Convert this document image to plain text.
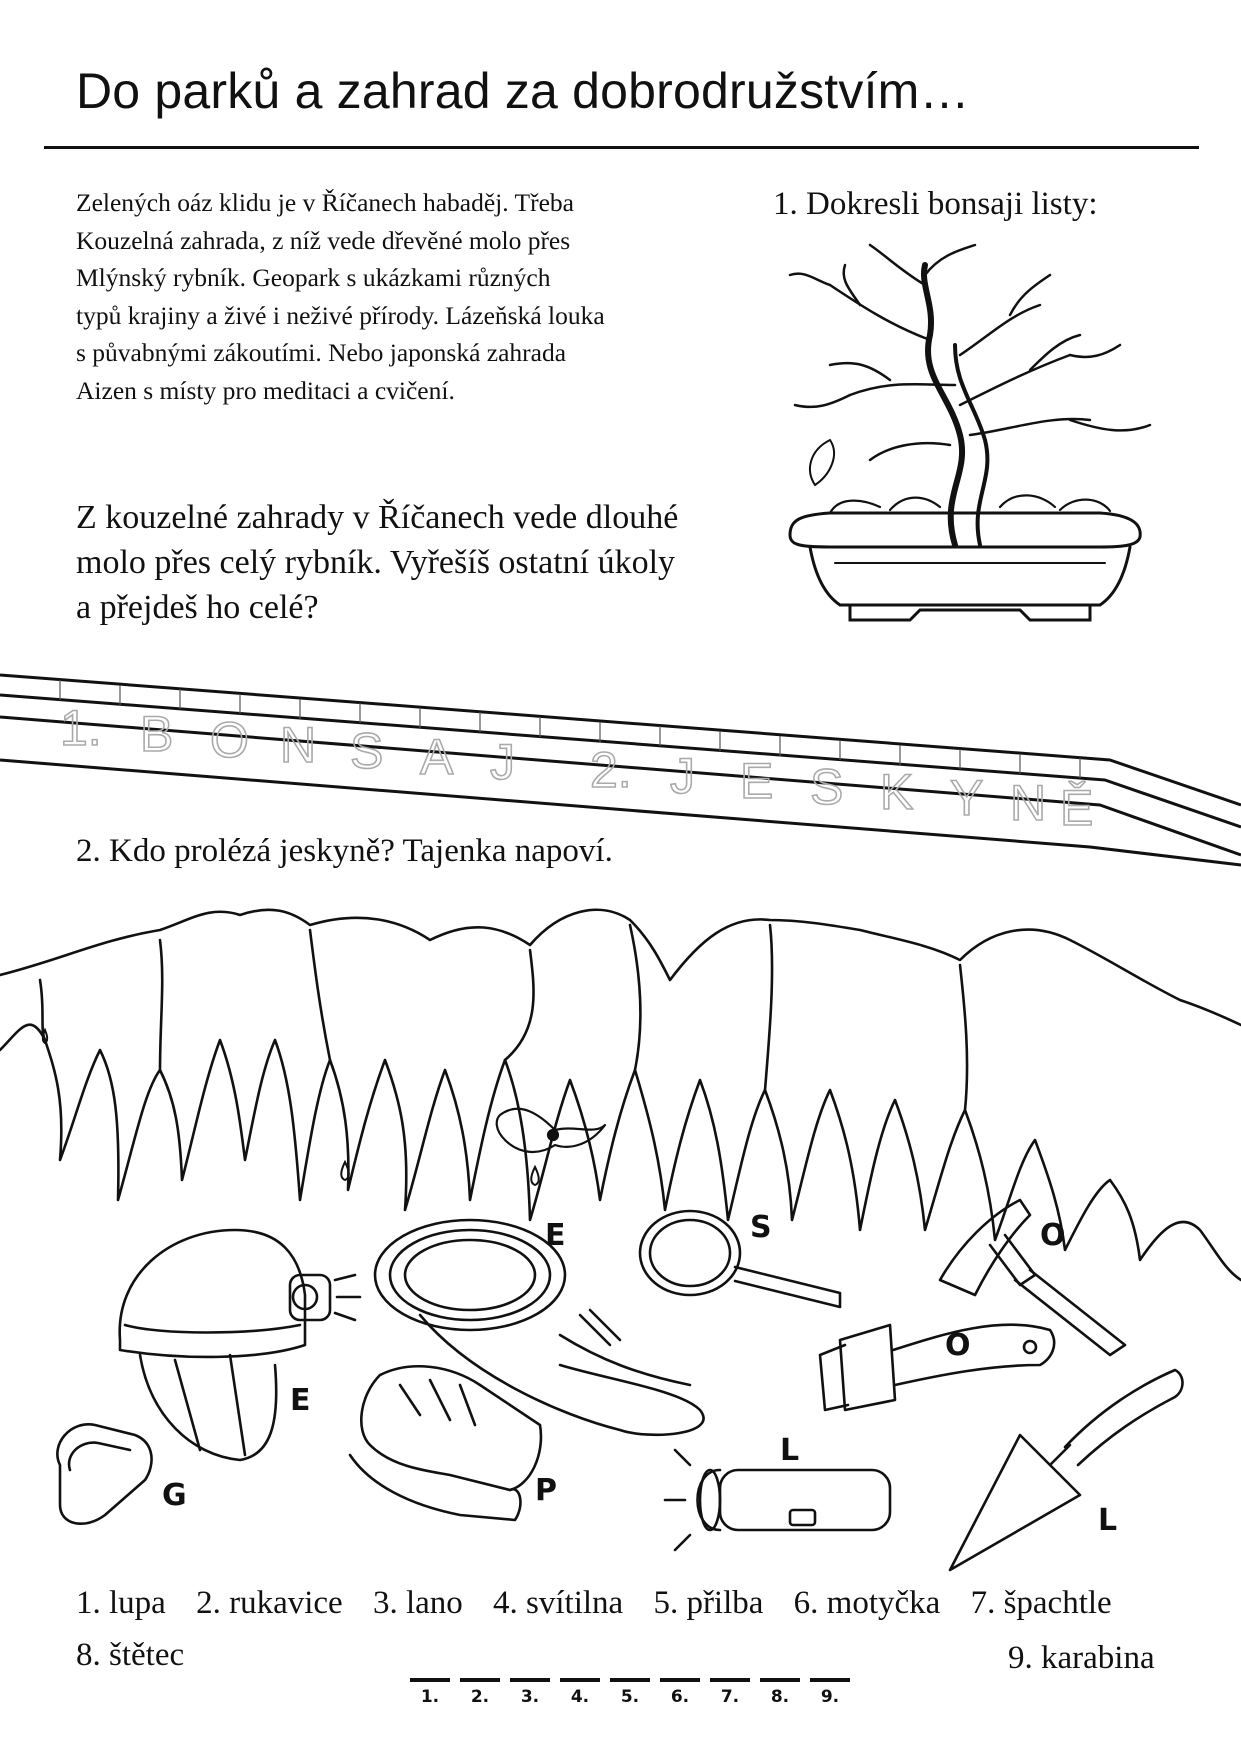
Do parků a zahrad za dobrodružstvím…
Zelených oáz klidu je v Říčanech habaděj. Třeba
Kouzelná zahrada, z níž vede dřevěné molo přes
Mlýnský rybník. Geopark s ukázkami různých
typů krajiny a živé i neživé přírody. Lázeňská louka
s půvabnými zákoutími. Nebo japonská zahrada
Aizen s místy pro meditaci a cvičení.
1. Dokresli bonsaji listy:
Z kouzelné zahrady v Říčanech vede dlouhé
molo přes celý rybník. Vyřešíš ostatní úkoly
a přejdeš ho celé?
1. B O N S A J 2. J E S K Y N Ě
2. Kdo prolézá jeskyně? Tajenka napoví.
E	S	O
E
O
P
G
L
L
1. lupa 2. rukavice 3. lano 4. svítilna 5. přilba 6. motyčka 7. špachtle
8. štětec	9. karabina
1.	2.	3.	4.	5.	6.	7.	8.	9.
